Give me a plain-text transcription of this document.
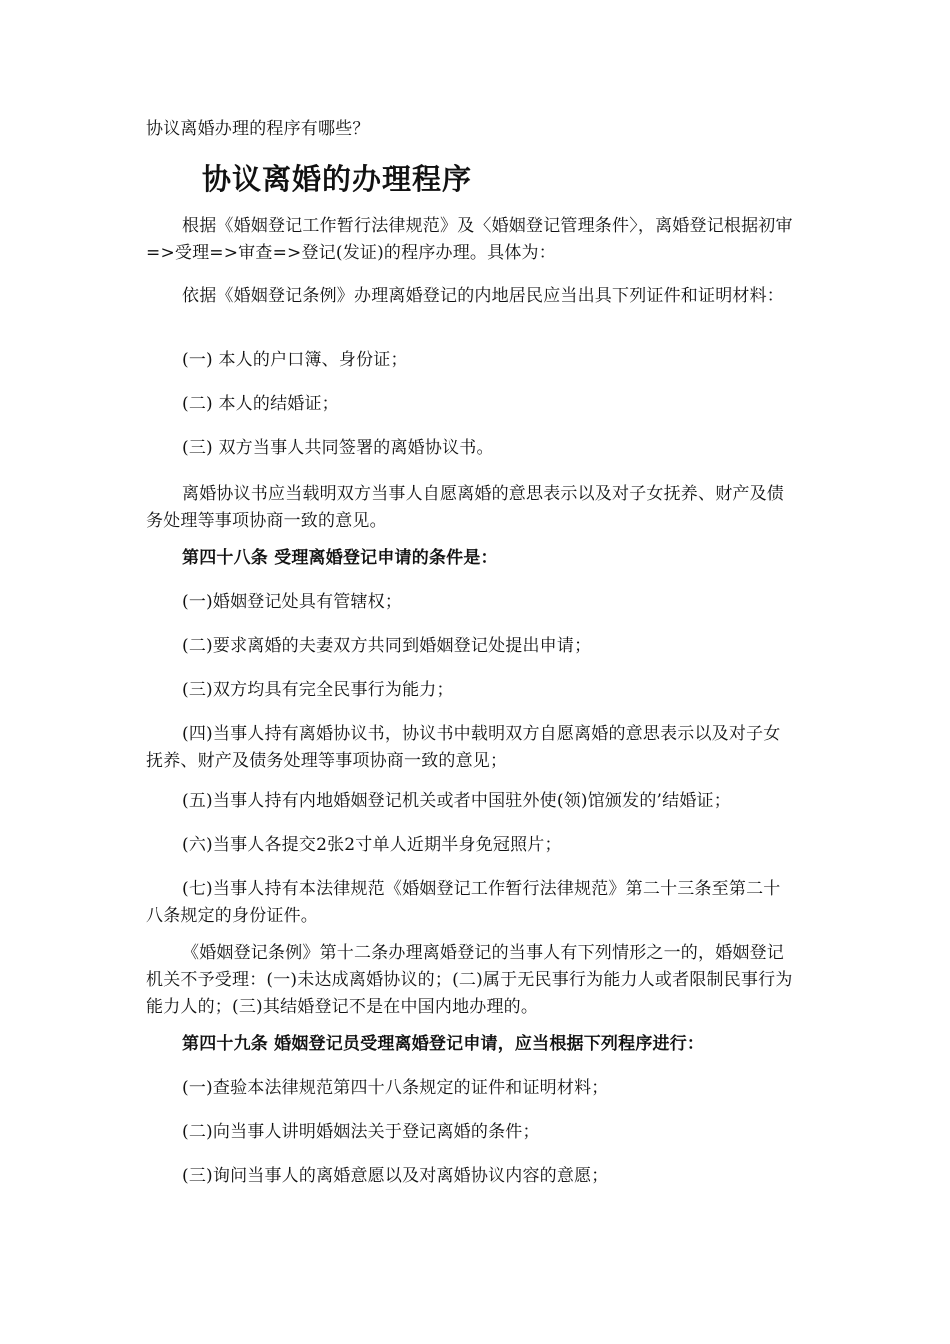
协议离婚办理的程序有哪些？

协议离婚的办理程序

根据《婚姻登记工作暂行法律规范》及〈婚姻登记管理条件〉，离婚登记根据初审=>受理=>审查=>登记(发证)的程序办理。具体为：

依据《婚姻登记条例》办理离婚登记的内地居民应当出具下列证件和证明材料：

(一) 本人的户口簿、身份证；

(二) 本人的结婚证；

(三) 双方当事人共同签署的离婚协议书。

离婚协议书应当载明双方当事人自愿离婚的意思表示以及对子女抚养、财产及债务处理等事项协商一致的意见。

第四十八条 受理离婚登记申请的条件是：

(一)婚姻登记处具有管辖权；

(二)要求离婚的夫妻双方共同到婚姻登记处提出申请；

(三)双方均具有完全民事行为能力；

(四)当事人持有离婚协议书，协议书中载明双方自愿离婚的意思表示以及对子女抚养、财产及债务处理等事项协商一致的意见；

(五)当事人持有内地婚姻登记机关或者中国驻外使(领)馆颁发的’结婚证；

(六)当事人各提交2张2寸单人近期半身免冠照片；

(七)当事人持有本法律规范《婚姻登记工作暂行法律规范》第二十三条至第二十八条规定的身份证件。

《婚姻登记条例》第十二条办理离婚登记的当事人有下列情形之一的，婚姻登记机关不予受理：(一)未达成离婚协议的；(二)属于无民事行为能力人或者限制民事行为能力人的；(三)其结婚登记不是在中国内地办理的。

第四十九条 婚姻登记员受理离婚登记申请，应当根据下列程序进行：

(一)查验本法律规范第四十八条规定的证件和证明材料；

(二)向当事人讲明婚姻法关于登记离婚的条件；

(三)询问当事人的离婚意愿以及对离婚协议内容的意愿；
